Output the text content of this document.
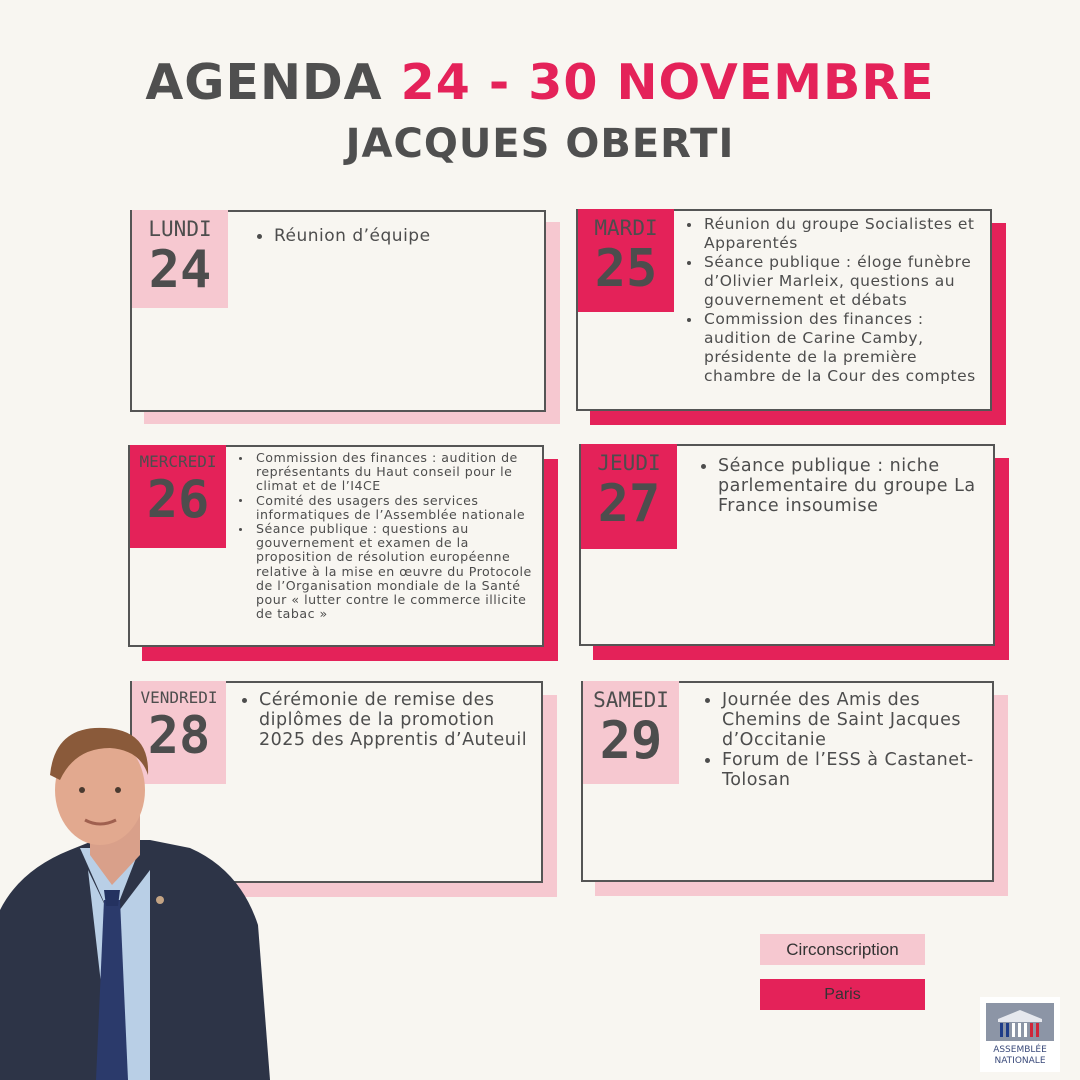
AGENDA 24 - 30 NOVEMBRE
JACQUES OBERTI
LUNDI
24
Réunion d’équipe	MARDI
25
Réunion du groupe Socialistes et Apparentés
Séance publique : éloge funèbre d’Olivier Marleix, questions au gouvernement et débats
Commission des finances : audition de Carine Camby, présidente de la première chambre de la Cour des comptes
MERCREDI
26
Commission des finances : audition de représentants du Haut conseil pour le climat et de l’I4CE
Comité des usagers des services informatiques de l’Assemblée nationale
Séance publique : questions au gouvernement et examen de la proposition de résolution européenne relative à la mise en œuvre du Protocole de l’Organisation mondiale de la Santé pour « lutter contre le commerce illicite de tabac »
JEUDI
27
Séance publique : niche parlementaire du groupe La France insoumise
VENDREDI
28
Cérémonie de remise des diplômes de la promotion 2025 des Apprentis d’Auteuil
SAMEDI
29
Journée des Amis des Chemins de Saint Jacques d’Occitanie
Forum de l’ESS à Castanet-Tolosan
Circonscription
Paris
ASSEMBLÉE
NATIONALE
